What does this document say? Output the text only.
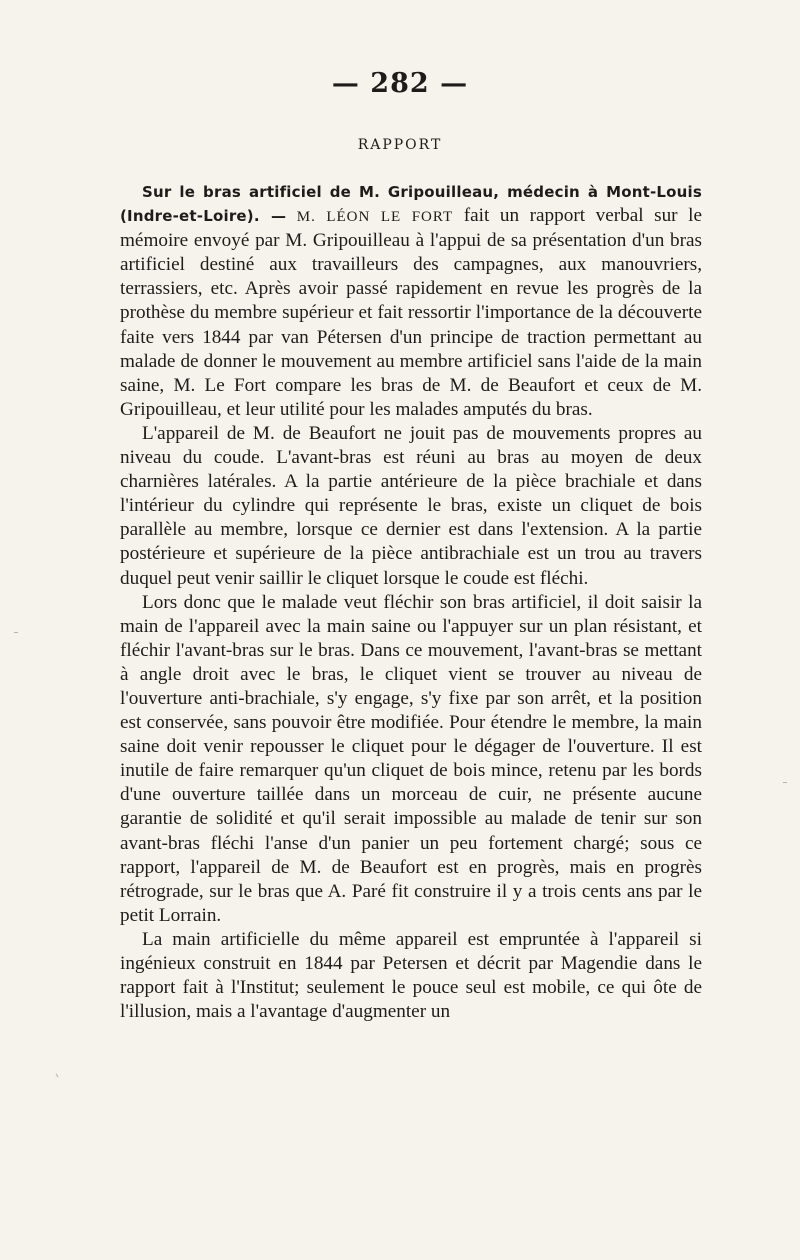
— 282 —
RAPPORT

Sur le bras artificiel de M. Gripouilleau, médecin à Mont-Louis (Indre-et-Loire). — M. LÉON LE FORT fait un rapport verbal sur le mémoire envoyé par M. Gripouilleau à l'appui de sa présentation d'un bras artificiel destiné aux travailleurs des campagnes, aux manouvriers, terrassiers, etc. Après avoir passé rapidement en revue les progrès de la prothèse du membre supérieur et fait ressortir l'importance de la découverte faite vers 1844 par van Pétersen d'un principe de traction permettant au malade de donner le mouvement au membre artificiel sans l'aide de la main saine, M. Le Fort compare les bras de M. de Beaufort et ceux de M. Gripouilleau, et leur utilité pour les malades amputés du bras.

L'appareil de M. de Beaufort ne jouit pas de mouvements propres au niveau du coude. L'avant-bras est réuni au bras au moyen de deux charnières latérales. A la partie antérieure de la pièce brachiale et dans l'intérieur du cylindre qui représente le bras, existe un cliquet de bois parallèle au membre, lorsque ce dernier est dans l'extension. A la partie postérieure et supérieure de la pièce antibrachiale est un trou au travers duquel peut venir saillir le cliquet lorsque le coude est fléchi.

Lors donc que le malade veut fléchir son bras artificiel, il doit saisir la main de l'appareil avec la main saine ou l'appuyer sur un plan résistant, et fléchir l'avant-bras sur le bras. Dans ce mouvement, l'avant-bras se mettant à angle droit avec le bras, le cliquet vient se trouver au niveau de l'ouverture anti-brachiale, s'y engage, s'y fixe par son arrêt, et la position est conservée, sans pouvoir être modifiée. Pour étendre le membre, la main saine doit venir repousser le cliquet pour le dégager de l'ouverture. Il est inutile de faire remarquer qu'un cliquet de bois mince, retenu par les bords d'une ouverture taillée dans un morceau de cuir, ne présente aucune garantie de solidité et qu'il serait impossible au malade de tenir sur son avant-bras fléchi l'anse d'un panier un peu fortement chargé; sous ce rapport, l'appareil de M. de Beaufort est en progrès, mais en progrès rétrograde, sur le bras que A. Paré fit construire il y a trois cents ans par le petit Lorrain.

La main artificielle du même appareil est empruntée à l'appareil si ingénieux construit en 1844 par Petersen et décrit par Magendie dans le rapport fait à l'Institut; seulement le pouce seul est mobile, ce qui ôte de l'illusion, mais a l'avantage d'augmenter un
